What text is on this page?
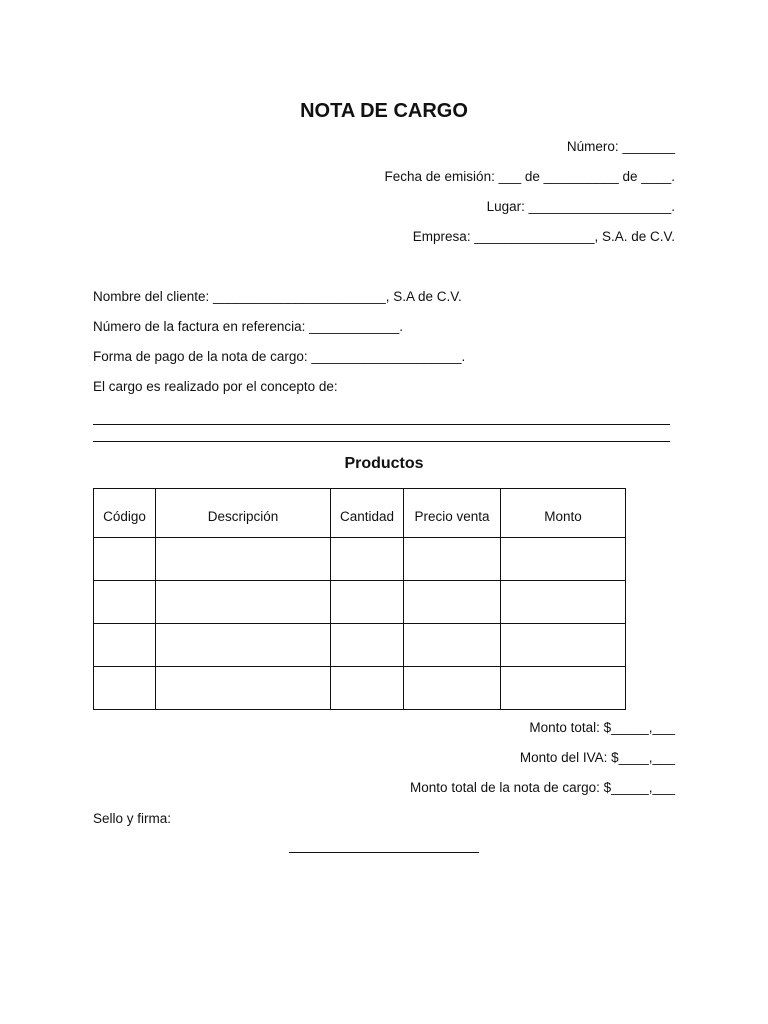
NOTA DE CARGO
Número: _______
Fecha de emisión: ___ de __________ de ____.
Lugar: ___________________.
Empresa: ________________, S.A. de C.V.
Nombre del cliente: _______________________, S.A de C.V.
Número de la factura en referencia: ____________.
Forma de pago de la nota de cargo: ____________________.
El cargo es realizado por el concepto de:
Productos
Código	Descripción	Cantidad	Precio venta	Monto

Monto total: $_____,___
Monto del IVA: $____,___
Monto total de la nota de cargo: $_____,___
Sello y firma:
